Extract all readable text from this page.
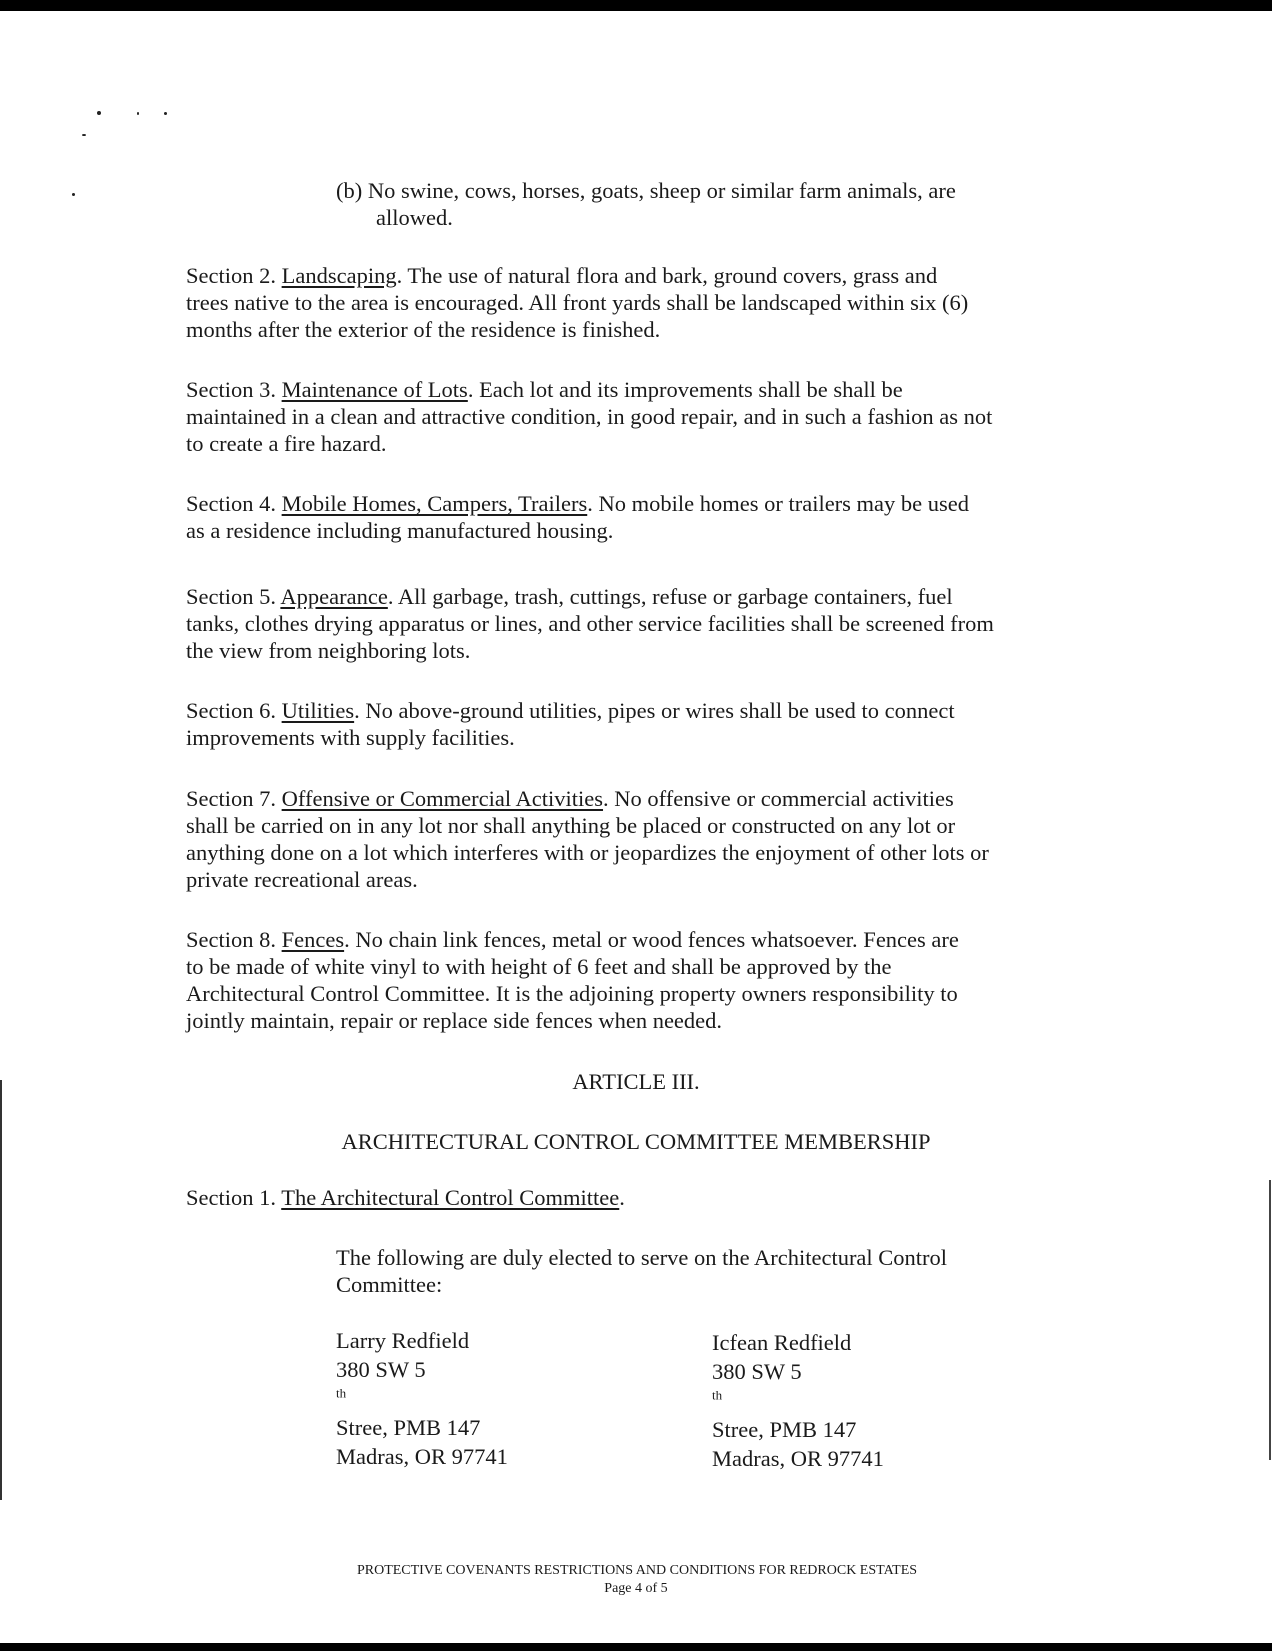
(b) No swine, cows, horses, goats, sheep or similar farm animals, are
allowed.
Section 2. Landscaping. The use of natural flora and bark, ground covers, grass and
trees native to the area is encouraged. All front yards shall be landscaped within six (6)
months after the exterior of the residence is finished.
Section 3. Maintenance of Lots. Each lot and its improvements shall be shall be
maintained in a clean and attractive condition, in good repair, and in such a fashion as not
to create a fire hazard.
Section 4. Mobile Homes, Campers, Trailers. No mobile homes or trailers may be used
as a residence including manufactured housing.
Section 5. Appearance. All garbage, trash, cuttings, refuse or garbage containers, fuel
tanks, clothes drying apparatus or lines, and other service facilities shall be screened from
the view from neighboring lots.
Section 6. Utilities. No above-ground utilities, pipes or wires shall be used to connect
improvements with supply facilities.
Section 7. Offensive or Commercial Activities. No offensive or commercial activities
shall be carried on in any lot nor shall anything be placed or constructed on any lot or
anything done on a lot which interferes with or jeopardizes the enjoyment of other lots or
private recreational areas.
Section 8. Fences. No chain link fences, metal or wood fences whatsoever. Fences are
to be made of white vinyl to with height of 6 feet and shall be approved by the
Architectural Control Committee. It is the adjoining property owners responsibility to
jointly maintain, repair or replace side fences when needed.
ARTICLE III.
ARCHITECTURAL CONTROL COMMITTEE MEMBERSHIP
Section 1. The Architectural Control Committee.
The following are duly elected to serve on the Architectural Control
Committee:
Larry Redfield
380 SW 5
$^{th}$
Stree, PMB 147
Madras, OR 97741
Icfean Redfield
380 SW 5
$^{th}$
Stree, PMB 147
Madras, OR 97741
PROTECTIVE COVENANTS RESTRICTIONS AND CONDITIONS FOR REDROCK ESTATES
Page 4 of 5
